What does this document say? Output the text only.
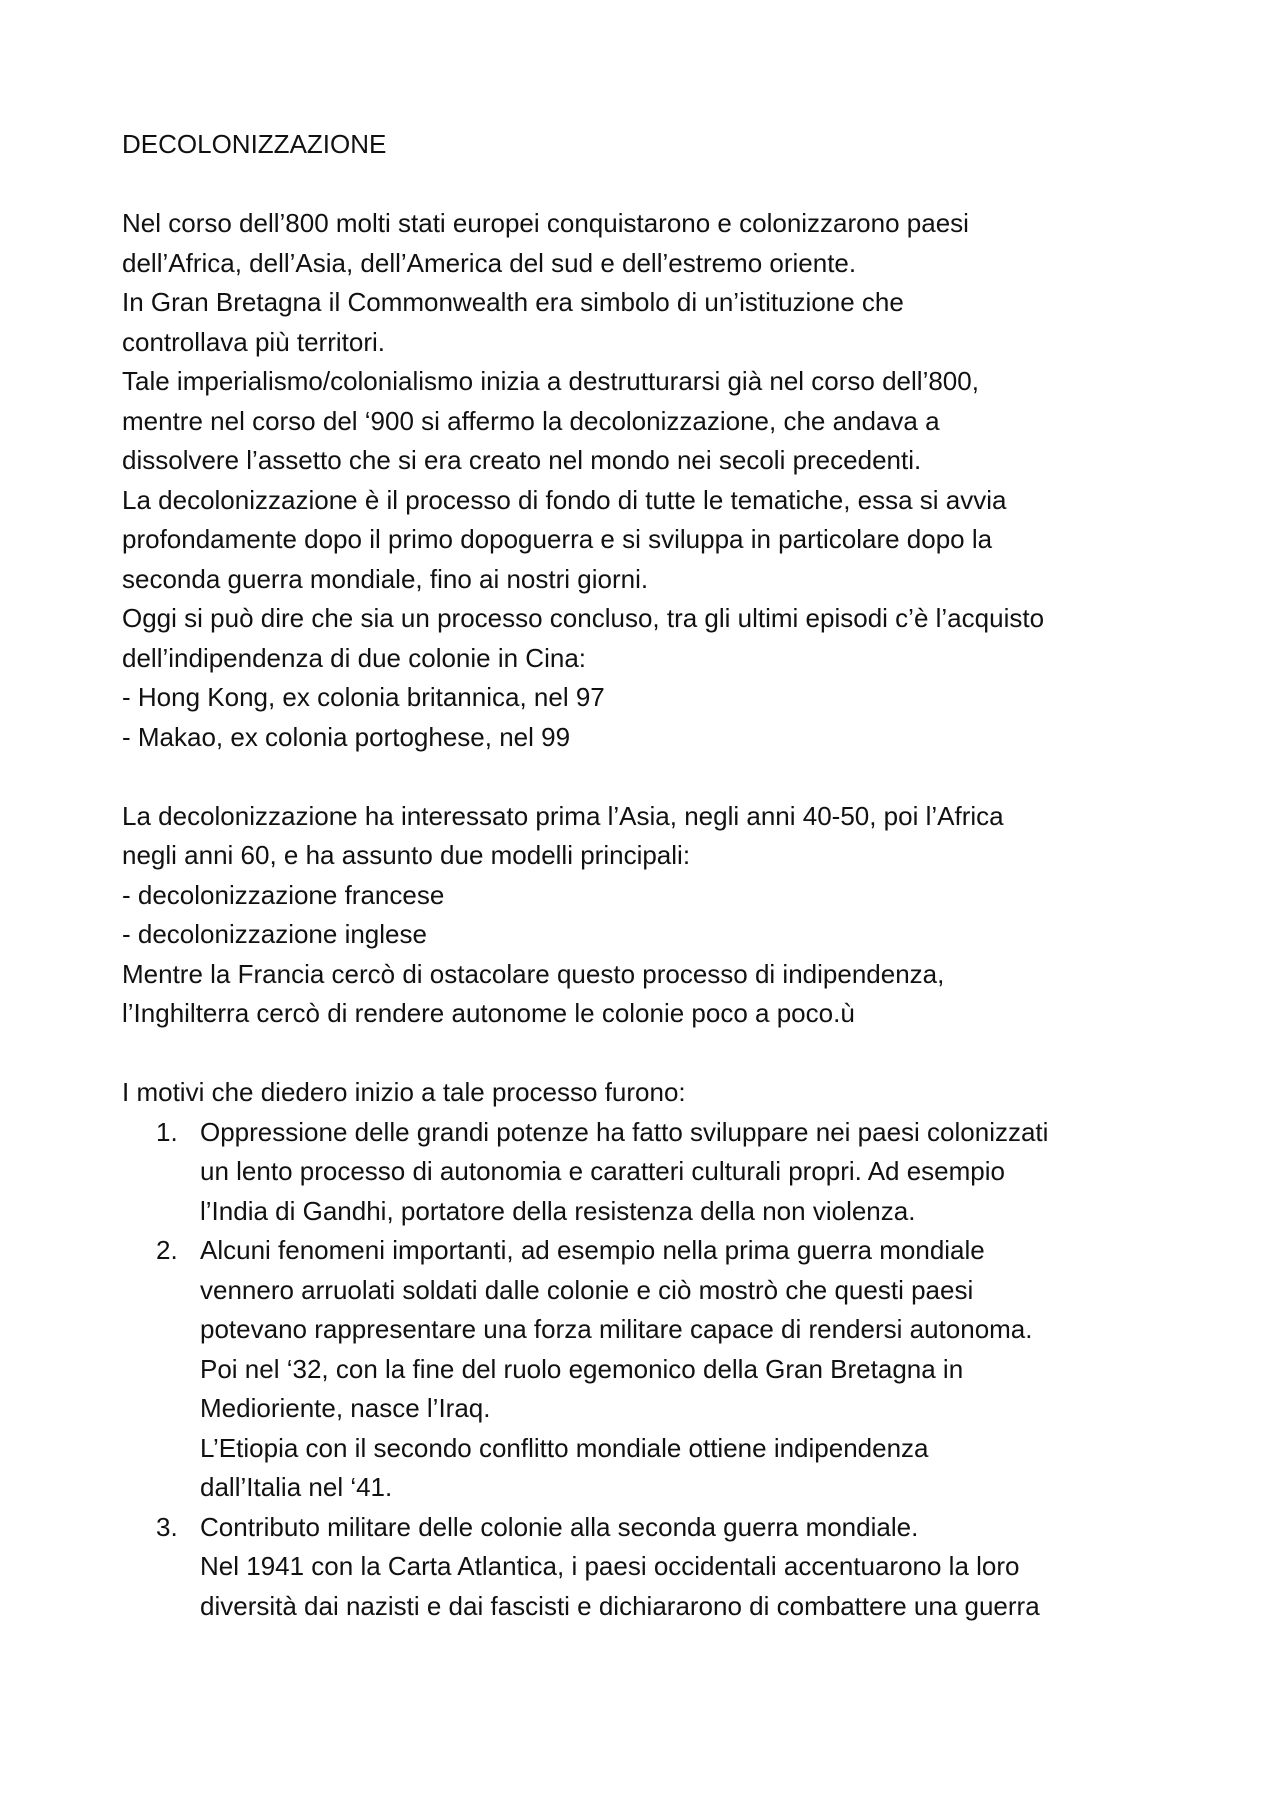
DECOLONIZZAZIONE
Nel corso dell’800 molti stati europei conquistarono e colonizzarono paesi
dell’Africa, dell’Asia, dell’America del sud e dell’estremo oriente.
In Gran Bretagna il Commonwealth era simbolo di un’istituzione che
controllava più territori.
Tale imperialismo/colonialismo inizia a destrutturarsi già nel corso dell’800,
mentre nel corso del ‘900 si affermo la decolonizzazione, che andava a
dissolvere l’assetto che si era creato nel mondo nei secoli precedenti.
La decolonizzazione è il processo di fondo di tutte le tematiche, essa si avvia
profondamente dopo il primo dopoguerra e si sviluppa in particolare dopo la
seconda guerra mondiale, fino ai nostri giorni.
Oggi si può dire che sia un processo concluso, tra gli ultimi episodi c’è l’acquisto
dell’indipendenza di due colonie in Cina:
- Hong Kong, ex colonia britannica, nel 97
- Makao, ex colonia portoghese, nel 99
La decolonizzazione ha interessato prima l’Asia, negli anni 40-50, poi l’Africa
negli anni 60, e ha assunto due modelli principali:
- decolonizzazione francese
- decolonizzazione inglese
Mentre la Francia cercò di ostacolare questo processo di indipendenza,
l’Inghilterra cercò di rendere autonome le colonie poco a poco.ù
I motivi che diedero inizio a tale processo furono:
1. Oppressione delle grandi potenze ha fatto sviluppare nei paesi colonizzati
un lento processo di autonomia e caratteri culturali propri. Ad esempio
l’India di Gandhi, portatore della resistenza della non violenza.
2. Alcuni fenomeni importanti, ad esempio nella prima guerra mondiale
vennero arruolati soldati dalle colonie e ciò mostrò che questi paesi
potevano rappresentare una forza militare capace di rendersi autonoma.
Poi nel ‘32, con la fine del ruolo egemonico della Gran Bretagna in
Medioriente, nasce l’Iraq.
L’Etiopia con il secondo conflitto mondiale ottiene indipendenza
dall’Italia nel ‘41.
3. Contributo militare delle colonie alla seconda guerra mondiale.
Nel 1941 con la Carta Atlantica, i paesi occidentali accentuarono la loro
diversità dai nazisti e dai fascisti e dichiararono di combattere una guerra
